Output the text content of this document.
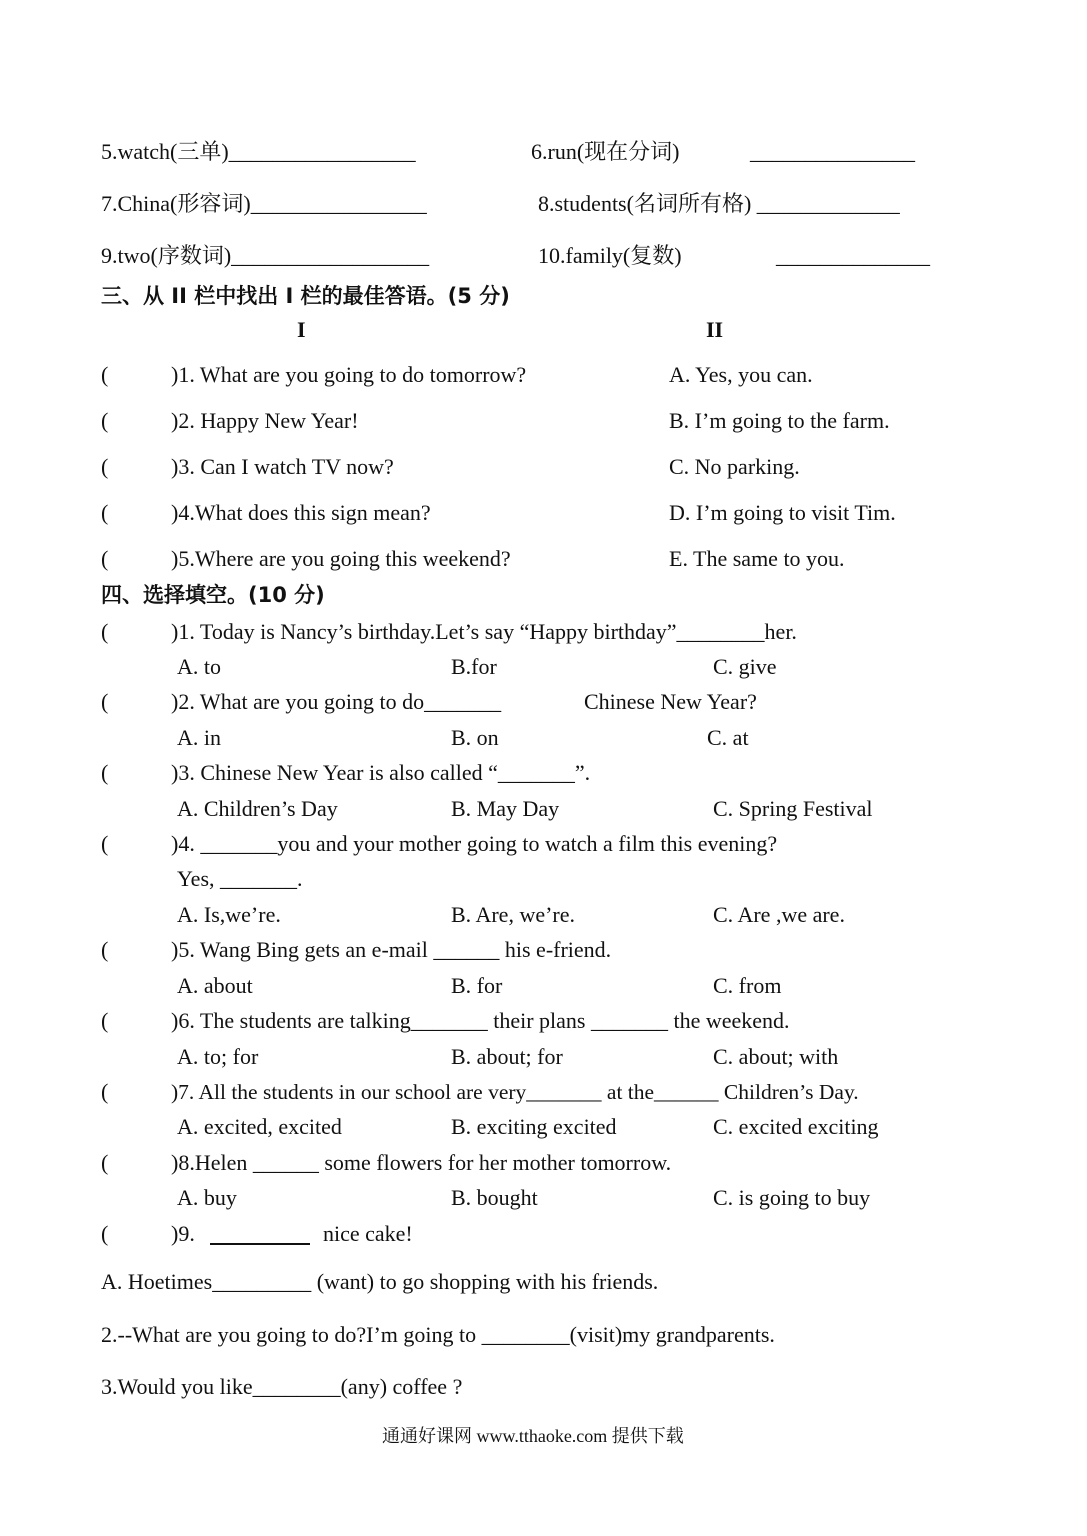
5.watch(三单)_________________	6.run(现在分词)	_______________
7.China(形容词)________________	8.students(名词所有格) _____________
9.two(序数词)__________________	10.family(复数)	______________
三、从 II 栏中找出 I 栏的最佳答语。(5 分)
I	II
(	)1. What are you going to do tomorrow?	A. Yes, you can.
(	)2. Happy New Year!	B. I’m going to the farm.
(	)3. Can I watch TV now?	C. No parking.
(	)4.What does this sign mean?	D. I’m going to visit Tim.
(	)5.Where are you going this weekend?	E. The same to you.
四、选择填空。(10 分)
(	)1. Today is Nancy’s birthday.Let’s say “Happy birthday”________her.
A. to	B.for	C. give
(	)2. What are you going to do_______	Chinese New Year?
A. in	B. on	C. at
(	)3. Chinese New Year is also called “_______”.
A. Children’s Day	B. May Day	C. Spring Festival
(	)4. _______you and your mother going to watch a film this evening?
Yes, _______.
A. Is,we’re.	B. Are, we’re.	C. Are ,we are.
(	)5. Wang Bing gets an e-mail ______ his e-friend.
A. about	B. for	C. from
(	)6. The students are talking_______ their plans _______ the weekend.
A. to; for	B. about; for	C. about; with
(	)7. All the students in our school are very_______ at the______ Children’s Day.
A. excited, excited	B. exciting excited	C. excited exciting
(	)8.Helen ______ some flowers for her mother tomorrow.
A. buy	B. bought	C. is going to buy
(	)9.	nice cake!
A. Hoetimes_________ (want) to go shopping with his friends.
2.--What are you going to do?I’m going to ________(visit)my grandparents.
3.Would you like________(any) coffee ?
通通好课网 www.tthaoke.com 提供下载
